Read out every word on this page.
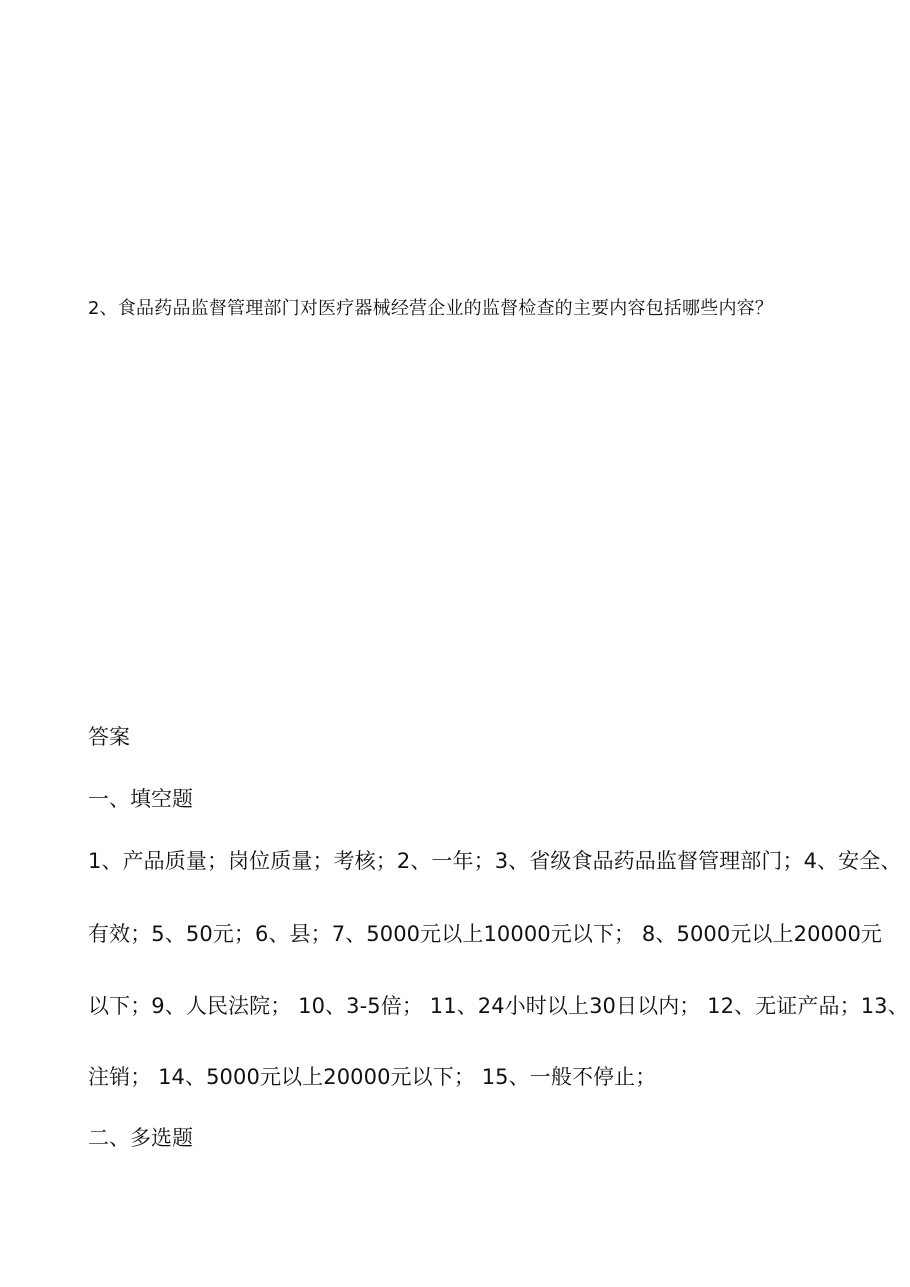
2、食品药品监督管理部门对医疗器械经营企业的监督检查的主要内容包括哪些内容？
答案
一、填空题
1、产品质量；岗位质量；考核；2、一年；3、省级食品药品监督管理部门；4、安全、
有效；5、50元；6、县；7、5000元以上10000元以下； 8、5000元以上20000元
以下；9、人民法院； 10、3-5倍； 11、24小时以上30日以内； 12、无证产品；13、
注销； 14、5000元以上20000元以下； 15、一般不停止；
二、多选题
